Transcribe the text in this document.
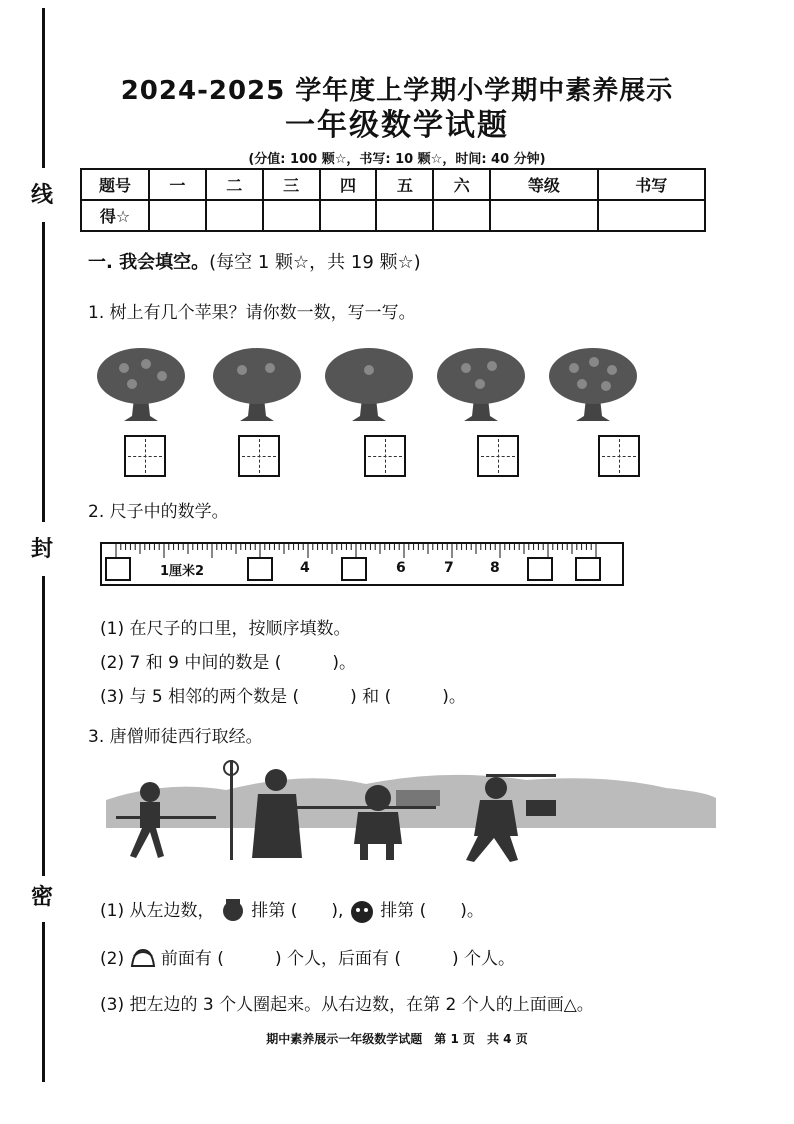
线
封
密
2024-2025 学年度上学期小学期中素养展示
一年级数学试题
(分值: 100 颗☆，书写: 10 颗☆，时间: 40 分钟)
题号	一	二	三	四	五	六	等级	书写
得☆								
一. 我会填空。(每空 1 颗☆，共 19 颗☆)
1. 树上有几个苹果？请你数一数，写一写。
2. 尺子中的数学。
1厘米2	4	6	7	8
(1) 在尺子的口里，按顺序填数。
(2) 7 和 9 中间的数是 (　　　)。
(3) 与 5 相邻的两个数是 (　　　) 和 (　　　)。
3. 唐僧师徒西行取经。
(1) 从左边数， 排第 (　　), 排第 (　　)。
(2) 前面有 (　　　) 个人，后面有 (　　　) 个人。
(3) 把左边的 3 个人圈起来。从右边数，在第 2 个人的上面画△。
期中素养展示一年级数学试题　第 1 页　共 4 页
